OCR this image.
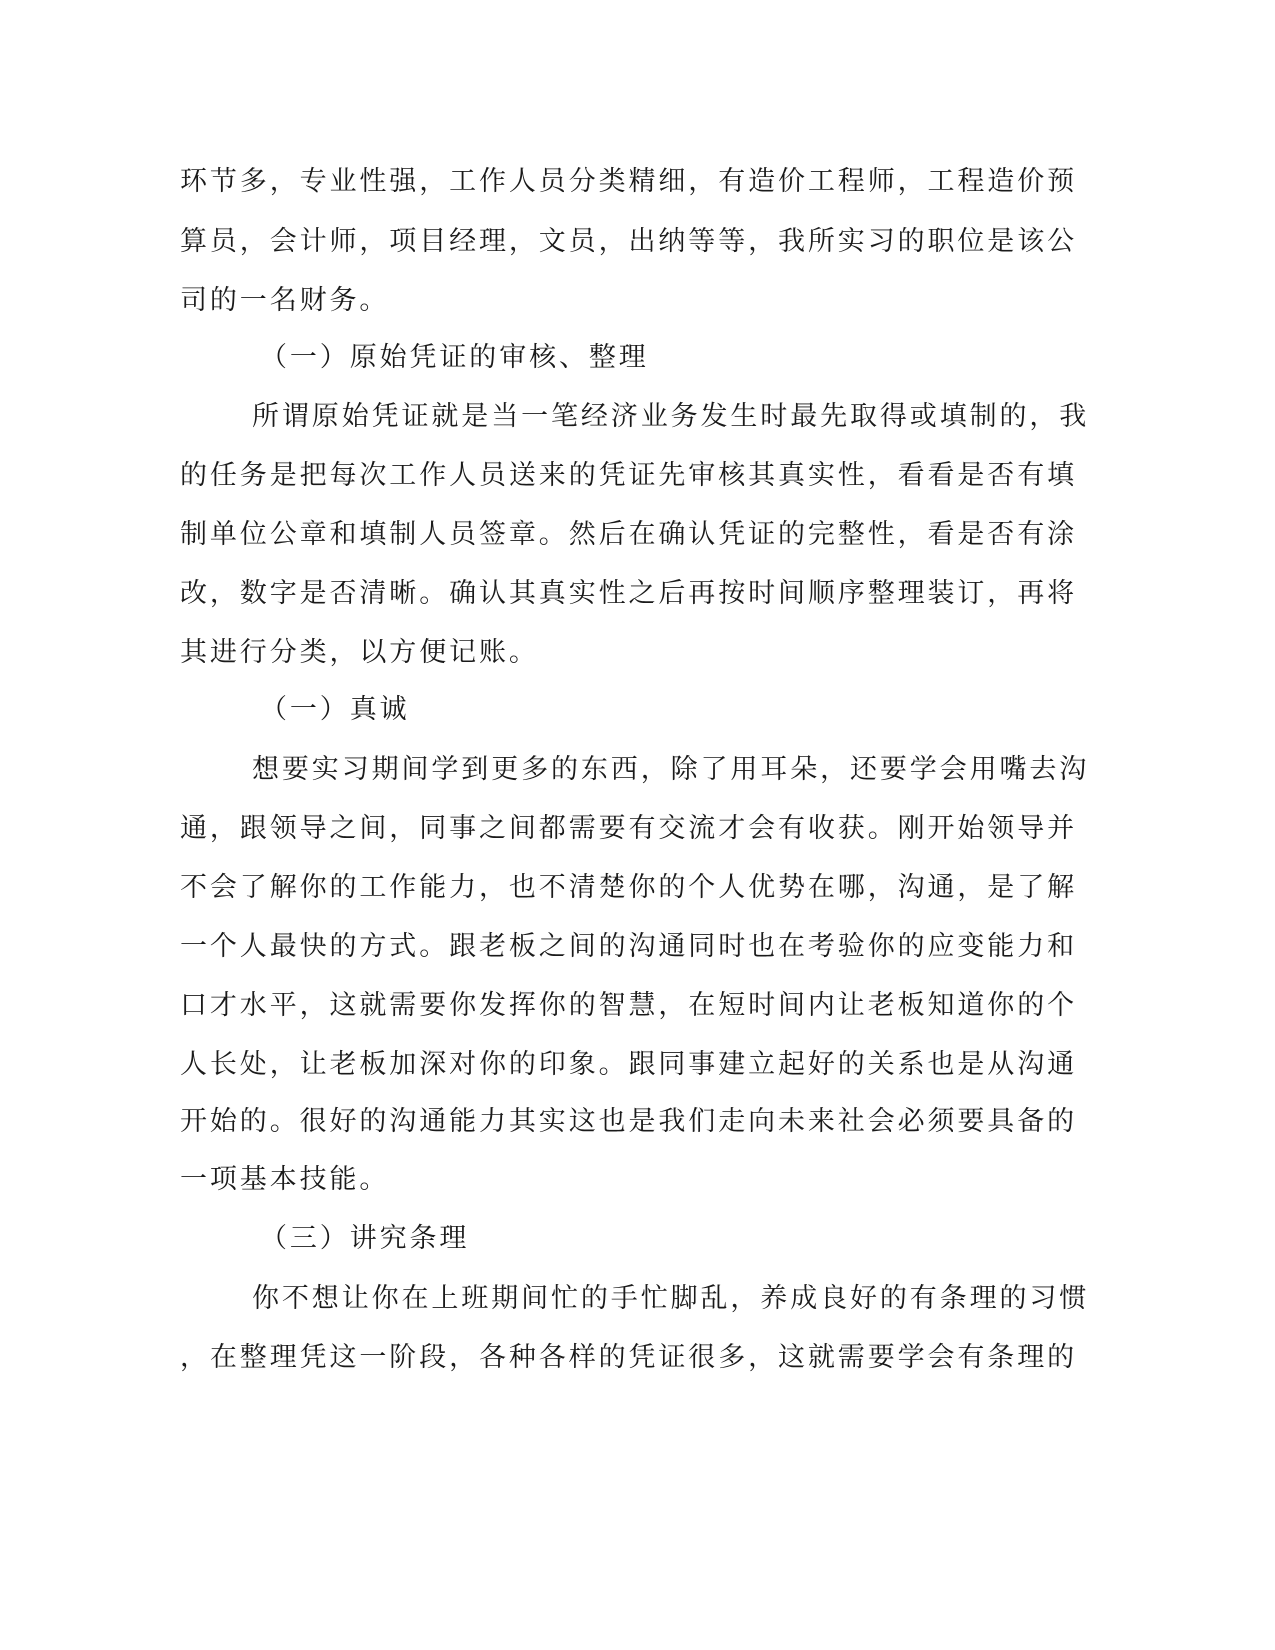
环节多，专业性强，工作人员分类精细，有造价工程师，工程造价预
算员，会计师，项目经理，文员，出纳等等，我所实习的职位是该公
司的一名财务。
（一）原始凭证的审核、整理
所谓原始凭证就是当一笔经济业务发生时最先取得或填制的，我
的任务是把每次工作人员送来的凭证先审核其真实性，看看是否有填
制单位公章和填制人员签章。然后在确认凭证的完整性，看是否有涂
改，数字是否清晰。确认其真实性之后再按时间顺序整理装订，再将
其进行分类，以方便记账。
（一）真诚
想要实习期间学到更多的东西，除了用耳朵，还要学会用嘴去沟
通，跟领导之间，同事之间都需要有交流才会有收获。刚开始领导并
不会了解你的工作能力，也不清楚你的个人优势在哪，沟通，是了解
一个人最快的方式。跟老板之间的沟通同时也在考验你的应变能力和
口才水平，这就需要你发挥你的智慧，在短时间内让老板知道你的个
人长处，让老板加深对你的印象。跟同事建立起好的关系也是从沟通
开始的。很好的沟通能力其实这也是我们走向未来社会必须要具备的
一项基本技能。
（三）讲究条理
你不想让你在上班期间忙的手忙脚乱，养成良好的有条理的习惯
，在整理凭这一阶段，各种各样的凭证很多，这就需要学会有条理的
